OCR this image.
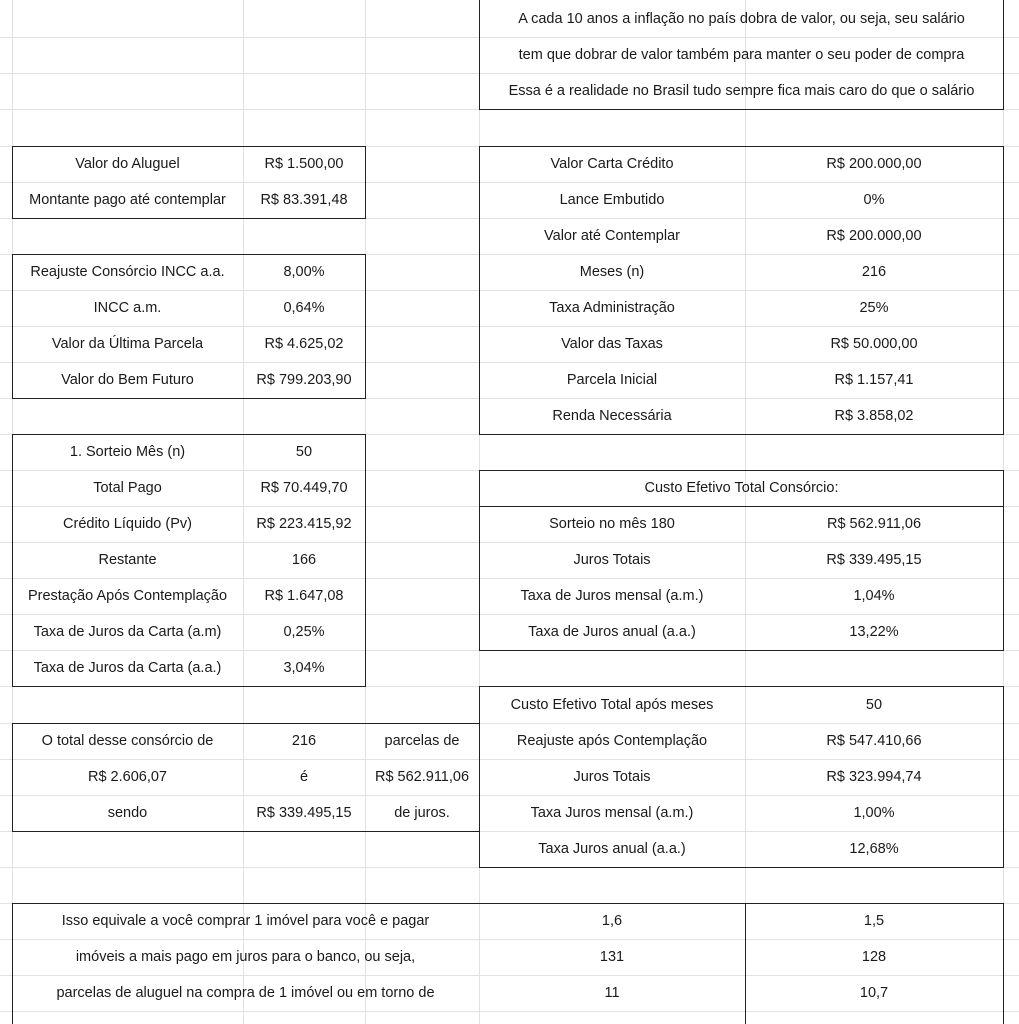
A cada 10 anos a inflação no país dobra de valor, ou seja, seu salário
tem que dobrar de valor também para manter o seu poder de compra
Essa é a realidade no Brasil tudo sempre fica mais caro do que o salário
Valor do Aluguel	R$ 1.500,00
Montante pago até contemplar	R$ 83.391,48
Reajuste Consórcio INCC a.a.	8,00%
INCC a.m.	0,64%
Valor da Última Parcela	R$ 4.625,02
Valor do Bem Futuro	R$ 799.203,90
1. Sorteio Mês (n)	50
Total Pago	R$ 70.449,70
Crédito Líquido (Pv)	R$ 223.415,92
Restante	166
Prestação Após Contemplação	R$ 1.647,08
Taxa de Juros da Carta (a.m)	0,25%
Taxa de Juros da Carta (a.a.)	3,04%
O total desse consórcio de	216	parcelas de
R$ 2.606,07	é	R$ 562.911,06
sendo	R$ 339.495,15	de juros.
Valor Carta Crédito	R$ 200.000,00
Lance Embutido	0%
Valor até Contemplar	R$ 200.000,00
Meses (n)	216
Taxa Administração	25%
Valor das Taxas	R$ 50.000,00
Parcela Inicial	R$ 1.157,41
Renda Necessária	R$ 3.858,02
Custo Efetivo Total Consórcio:
Sorteio no mês 180	R$ 562.911,06
Juros Totais	R$ 339.495,15
Taxa de Juros mensal (a.m.)	1,04%
Taxa de Juros anual (a.a.)	13,22%
Custo Efetivo Total após meses	50
Reajuste após Contemplação	R$ 547.410,66
Juros Totais	R$ 323.994,74
Taxa Juros mensal (a.m.)	1,00%
Taxa Juros anual (a.a.)	12,68%
Isso equivale a você comprar 1 imóvel para você e pagar	1,6	1,5
imóveis a mais pago em juros para o banco, ou seja,	131	128
parcelas de aluguel na compra de 1 imóvel ou em torno de	11	10,7
